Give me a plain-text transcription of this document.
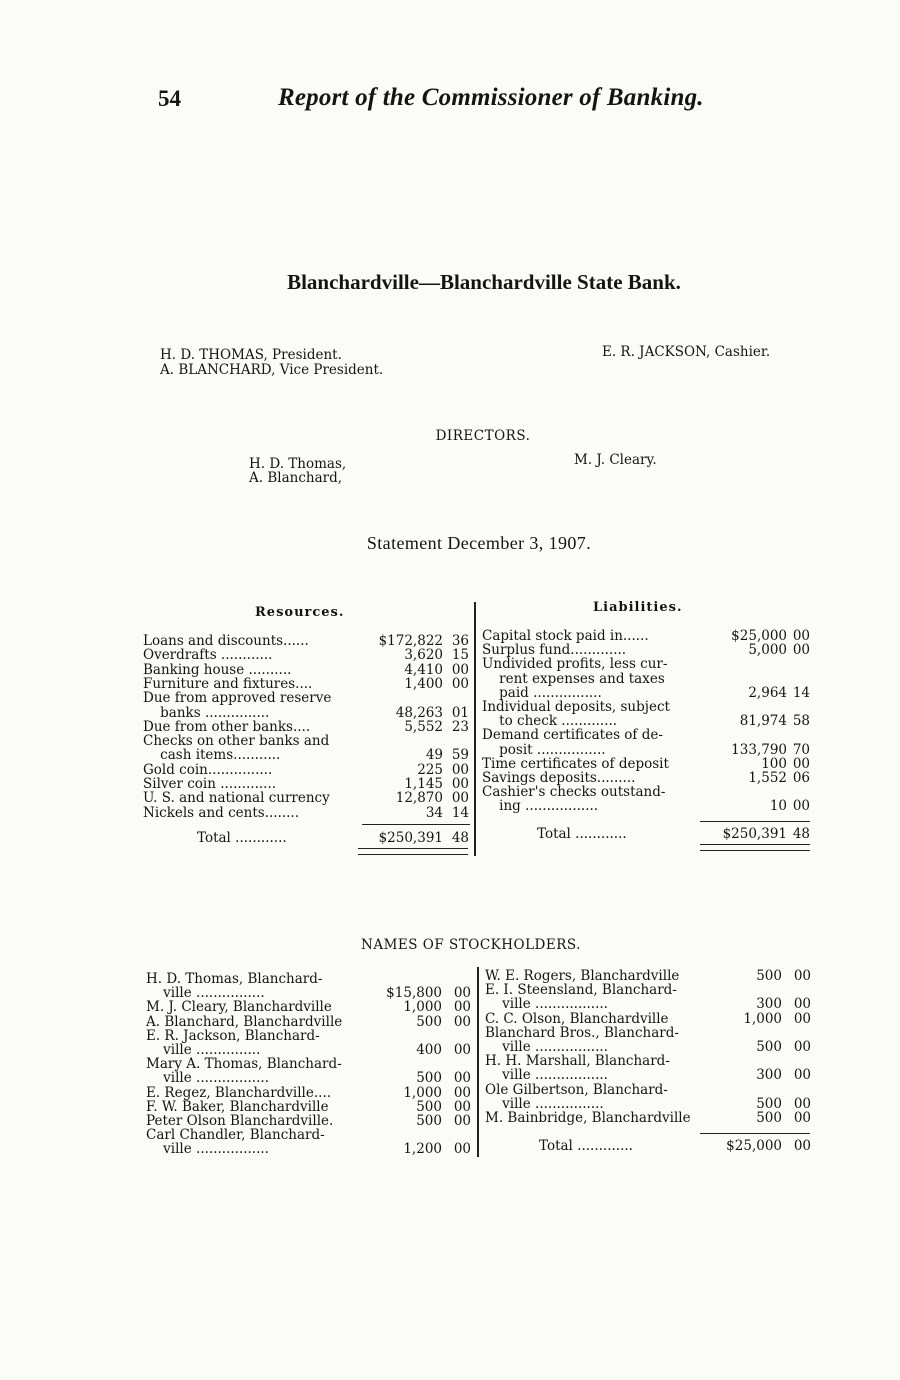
54	Report of the Commissioner of Banking.
Blanchardville—Blanchardville State Bank.
H. D. THOMAS, President.
A. BLANCHARD, Vice President.
E. R. JACKSON, Cashier.
DIRECTORS.
H. D. Thomas,
A. Blanchard,
M. J. Cleary.
Statement December 3, 1907.
Resources.	Liabilities.
Loans and discounts......	$172,822 36
Overdrafts ............	3,620 15
Banking house ..........	4,410 00
Furniture and fixtures....	1,400 00
Due from approved reserve
banks ...............	48,263 01
Due from other banks....	5,552 23
Checks on other banks and
cash items...........	49 59
Gold coin...............	225 00
Silver coin .............	1,145 00
U. S. and national currency	12,870 00
Nickels and cents........	34 14
Total ............	$250,391 48
Capital stock paid in......	$25,000 00
Surplus fund.............	5,000 00
Undivided profits, less cur-
rent expenses and taxes
paid ................	2,964 14
Individual deposits, subject
to check .............	81,974 58
Demand certificates of de-
posit ................	133,790 70
Time certificates of deposit	100 00
Savings deposits.........	1,552 06
Cashier's checks outstand-
ing .................	10 00
Total ............	$250,391 48
NAMES OF STOCKHOLDERS.
H. D. Thomas, Blanchard-
ville ................	$15,800 00
M. J. Cleary, Blanchardville	1,000 00
A. Blanchard, Blanchardville	500 00
E. R. Jackson, Blanchard-
ville ...............	400 00
Mary A. Thomas, Blanchard-
ville .................	500 00
E. Regez, Blanchardville....	1,000 00
F. W. Baker, Blanchardville	500 00
Peter Olson Blanchardville.	500 00
Carl Chandler, Blanchard-
ville .................	1,200 00
W. E. Rogers, Blanchardville	500 00
E. I. Steensland, Blanchard-
ville .................	300 00
C. C. Olson, Blanchardville	1,000 00
Blanchard Bros., Blanchard-
ville .................	500 00
H. H. Marshall, Blanchard-
ville .................	300 00
Ole Gilbertson, Blanchard-
ville ................	500 00
M. Bainbridge, Blanchardville	500 00
Total .............	$25,000 00
